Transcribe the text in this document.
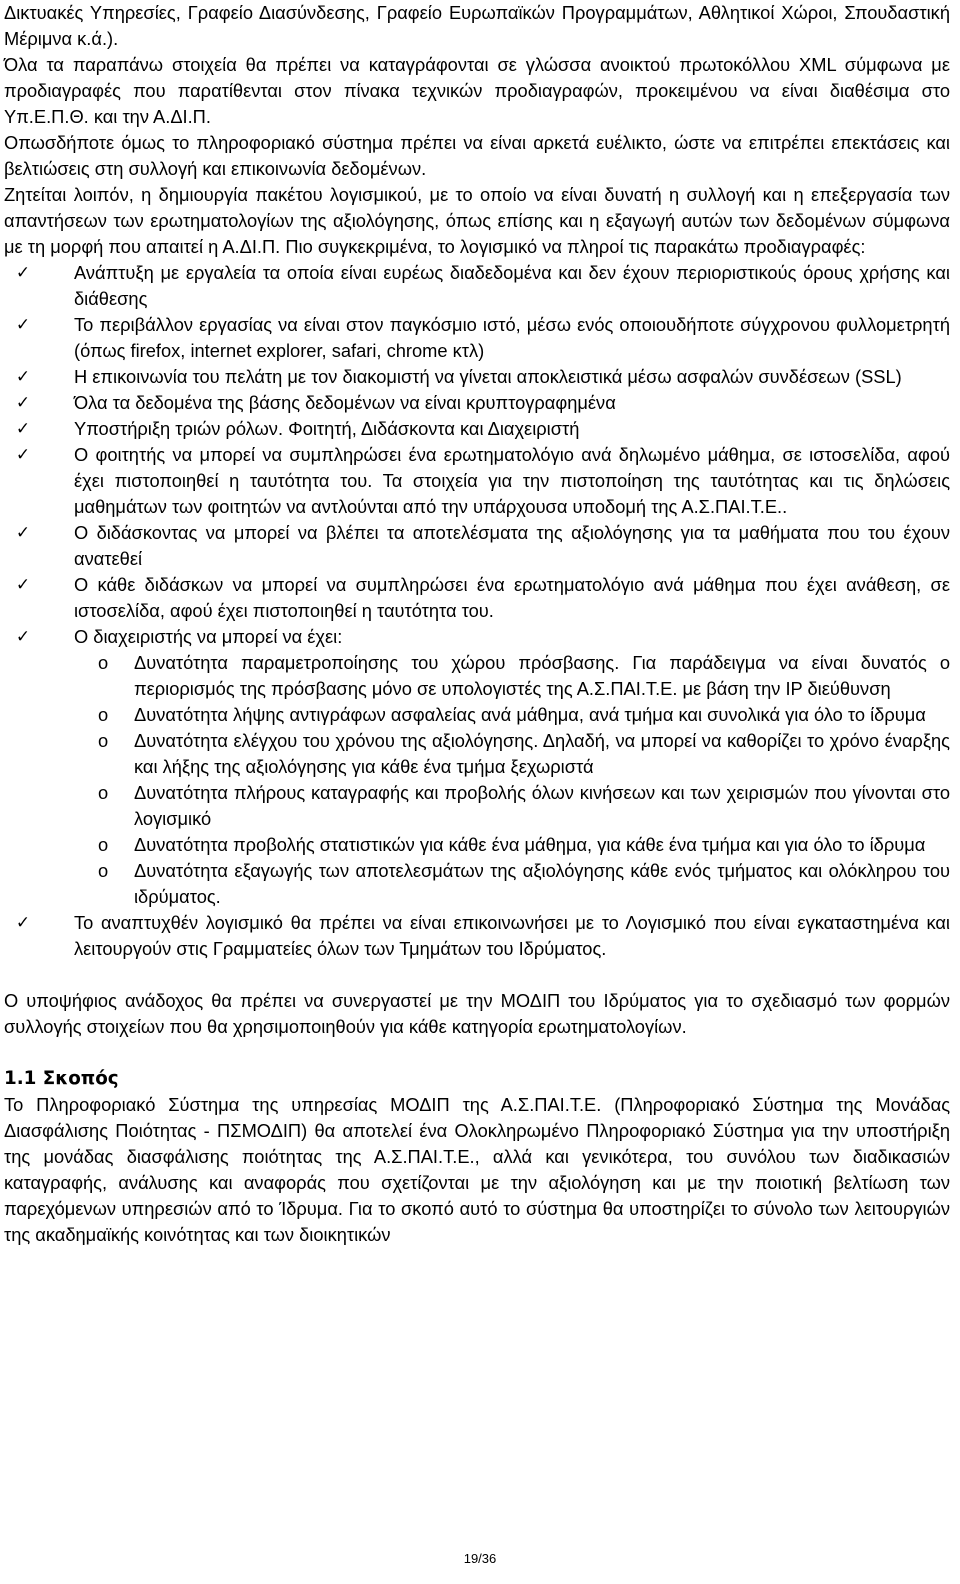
Δικτυακές Υπηρεσίες, Γραφείο Διασύνδεσης, Γραφείο Ευρωπαϊκών Προγραμμάτων, Αθλητικοί Χώροι, Σπουδαστική Μέριμνα κ.ά.).

Όλα τα παραπάνω στοιχεία θα πρέπει να καταγράφονται σε γλώσσα ανοικτού πρωτοκόλλου XML σύμφωνα με προδιαγραφές που παρατίθενται στον πίνακα τεχνικών προδιαγραφών, προκειμένου να είναι διαθέσιμα στο Υπ.Ε.Π.Θ. και την Α.ΔΙ.Π.

Οπωσδήποτε όμως το πληροφοριακό σύστημα πρέπει να είναι αρκετά ευέλικτο, ώστε να επιτρέπει επεκτάσεις και βελτιώσεις στη συλλογή και επικοινωνία δεδομένων.

Ζητείται λοιπόν, η δημιουργία πακέτου λογισμικού, με το οποίο να είναι δυνατή η συλλογή και η επεξεργασία των απαντήσεων των ερωτηματολογίων της αξιολόγησης, όπως επίσης και η εξαγωγή αυτών των δεδομένων σύμφωνα με τη μορφή που απαιτεί η Α.ΔΙ.Π. Πιο συγκεκριμένα, το λογισμικό να πληροί τις παρακάτω προδιαγραφές:

✓ Ανάπτυξη με εργαλεία τα οποία είναι ευρέως διαδεδομένα και δεν έχουν περιοριστικούς όρους χρήσης και διάθεσης
✓ Το περιβάλλον εργασίας να είναι στον παγκόσμιο ιστό, μέσω ενός οποιουδήποτε σύγχρονου φυλλομετρητή (όπως firefox, internet explorer, safari, chrome κτλ)
✓ Η επικοινωνία του πελάτη με τον διακομιστή να γίνεται αποκλειστικά μέσω ασφαλών συνδέσεων (SSL)
✓ Όλα τα δεδομένα της βάσης δεδομένων να είναι κρυπτογραφημένα
✓ Υποστήριξη τριών ρόλων. Φοιτητή, Διδάσκοντα και Διαχειριστή
✓ Ο φοιτητής να μπορεί να συμπληρώσει ένα ερωτηματολόγιο ανά δηλωμένο μάθημα, σε ιστοσελίδα, αφού έχει πιστοποιηθεί η ταυτότητα του. Τα στοιχεία για την πιστοποίηση της ταυτότητας και τις δηλώσεις μαθημάτων των φοιτητών να αντλούνται από την υπάρχουσα υποδομή της Α.Σ.ΠΑΙ.Τ.Ε..
✓ Ο διδάσκοντας να μπορεί να βλέπει τα αποτελέσματα της αξιολόγησης για τα μαθήματα που του έχουν ανατεθεί
✓ Ο κάθε διδάσκων να μπορεί να συμπληρώσει ένα ερωτηματολόγιο ανά μάθημα που έχει ανάθεση, σε ιστοσελίδα, αφού έχει πιστοποιηθεί η ταυτότητα του.
✓ Ο διαχειριστής να μπορεί να έχει:
o Δυνατότητα παραμετροποίησης του χώρου πρόσβασης. Για παράδειγμα να είναι δυνατός ο περιορισμός της πρόσβασης μόνο σε υπολογιστές της Α.Σ.ΠΑΙ.Τ.Ε. με βάση την IP διεύθυνση
o Δυνατότητα λήψης αντιγράφων ασφαλείας ανά μάθημα, ανά τμήμα και συνολικά για όλο το ίδρυμα
o Δυνατότητα ελέγχου του χρόνου της αξιολόγησης. Δηλαδή, να μπορεί να καθορίζει το χρόνο έναρξης και λήξης της αξιολόγησης για κάθε ένα τμήμα ξεχωριστά
o Δυνατότητα πλήρους καταγραφής και προβολής όλων κινήσεων και των χειρισμών που γίνονται στο λογισμικό
o Δυνατότητα προβολής στατιστικών για κάθε ένα μάθημα, για κάθε ένα τμήμα και για όλο το ίδρυμα
o Δυνατότητα εξαγωγής των αποτελεσμάτων της αξιολόγησης κάθε ενός τμήματος και ολόκληρου του ιδρύματος.
✓ Το αναπτυχθέν λογισμικό θα πρέπει να είναι επικοινωνήσει με το Λογισμικό που είναι εγκαταστημένα και λειτουργούν στις Γραμματείες όλων των Τμημάτων του Ιδρύματος.

Ο υποψήφιος ανάδοχος θα πρέπει να συνεργαστεί με την ΜΟΔΙΠ του Ιδρύματος για το σχεδιασμό των φορμών συλλογής στοιχείων που θα χρησιμοποιηθούν για κάθε κατηγορία ερωτηματολογίων.

1.1 Σκοπός

Το Πληροφοριακό Σύστημα της υπηρεσίας ΜΟΔΙΠ της Α.Σ.ΠΑΙ.Τ.Ε. (Πληροφοριακό Σύστημα της Μονάδας Διασφάλισης Ποιότητας - ΠΣΜΟΔΙΠ) θα αποτελεί ένα Ολοκληρωμένο Πληροφοριακό Σύστημα για την υποστήριξη της μονάδας διασφάλισης ποιότητας της Α.Σ.ΠΑΙ.Τ.Ε., αλλά και γενικότερα, του συνόλου των διαδικασιών καταγραφής, ανάλυσης και αναφοράς που σχετίζονται με την αξιολόγηση και με την ποιοτική βελτίωση των παρεχόμενων υπηρεσιών από το Ίδρυμα. Για το σκοπό αυτό το σύστημα θα υποστηρίζει το σύνολο των λειτουργιών της ακαδημαϊκής κοινότητας και των διοικητικών

19/36
